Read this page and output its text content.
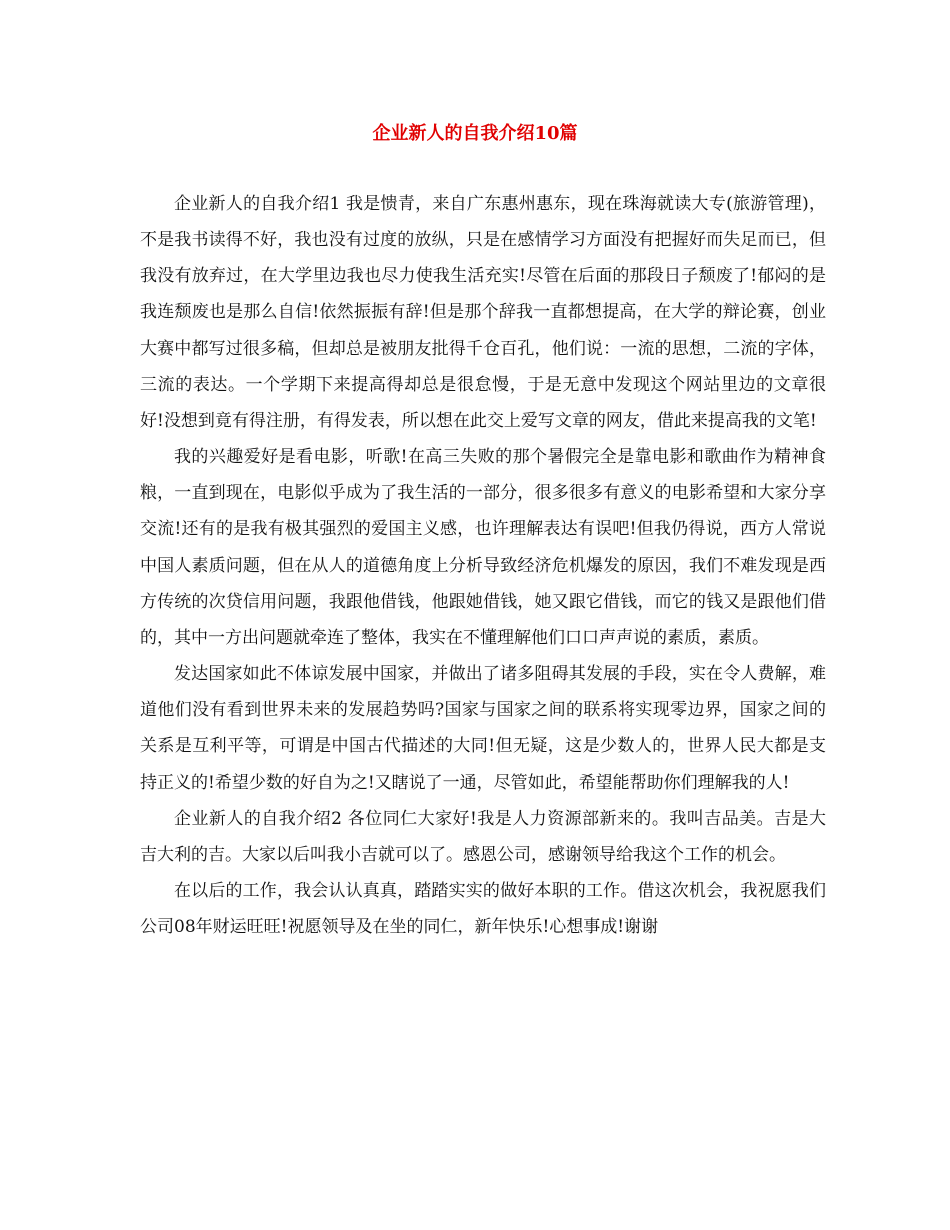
企业新人的自我介绍10篇

企业新人的自我介绍1 我是愦青，来自广东惠州惠东，现在珠海就读大专(旅游管理)，不是我书读得不好，我也没有过度的放纵，只是在感情学习方面没有把握好而失足而已，但我没有放弃过，在大学里边我也尽力使我生活充实!尽管在后面的那段日子颓废了!郁闷的是我连颓废也是那么自信!依然振振有辞!但是那个辞我一直都想提高，在大学的辩论赛，创业大赛中都写过很多稿，但却总是被朋友批得千仓百孔，他们说：一流的思想，二流的字体，三流的表达。一个学期下来提高得却总是很怠慢，于是无意中发现这个网站里边的文章很好!没想到竟有得注册，有得发表，所以想在此交上爱写文章的网友，借此来提高我的文笔!

我的兴趣爱好是看电影，听歌!在高三失败的那个暑假完全是靠电影和歌曲作为精神食粮，一直到现在，电影似乎成为了我生活的一部分，很多很多有意义的电影希望和大家分享交流!还有的是我有极其强烈的爱国主义感，也许理解表达有误吧!但我仍得说，西方人常说中国人素质问题，但在从人的道德角度上分析导致经济危机爆发的原因，我们不难发现是西方传统的次贷信用问题，我跟他借钱，他跟她借钱，她又跟它借钱，而它的钱又是跟他们借的，其中一方出问题就牵连了整体，我实在不懂理解他们口口声声说的素质，素质。

发达国家如此不体谅发展中国家，并做出了诸多阻碍其发展的手段，实在令人费解，难道他们没有看到世界未来的发展趋势吗?国家与国家之间的联系将实现零边界，国家之间的关系是互利平等，可谓是中国古代描述的大同!但无疑，这是少数人的，世界人民大都是支持正义的!希望少数的好自为之!又瞎说了一通，尽管如此，希望能帮助你们理解我的人!

企业新人的自我介绍2 各位同仁大家好!我是人力资源部新来的。我叫吉品美。吉是大吉大利的吉。大家以后叫我小吉就可以了。感恩公司，感谢领导给我这个工作的机会。

在以后的工作，我会认认真真，踏踏实实的做好本职的工作。借这次机会，我祝愿我们公司08年财运旺旺!祝愿领导及在坐的同仁，新年快乐!心想事成!谢谢
